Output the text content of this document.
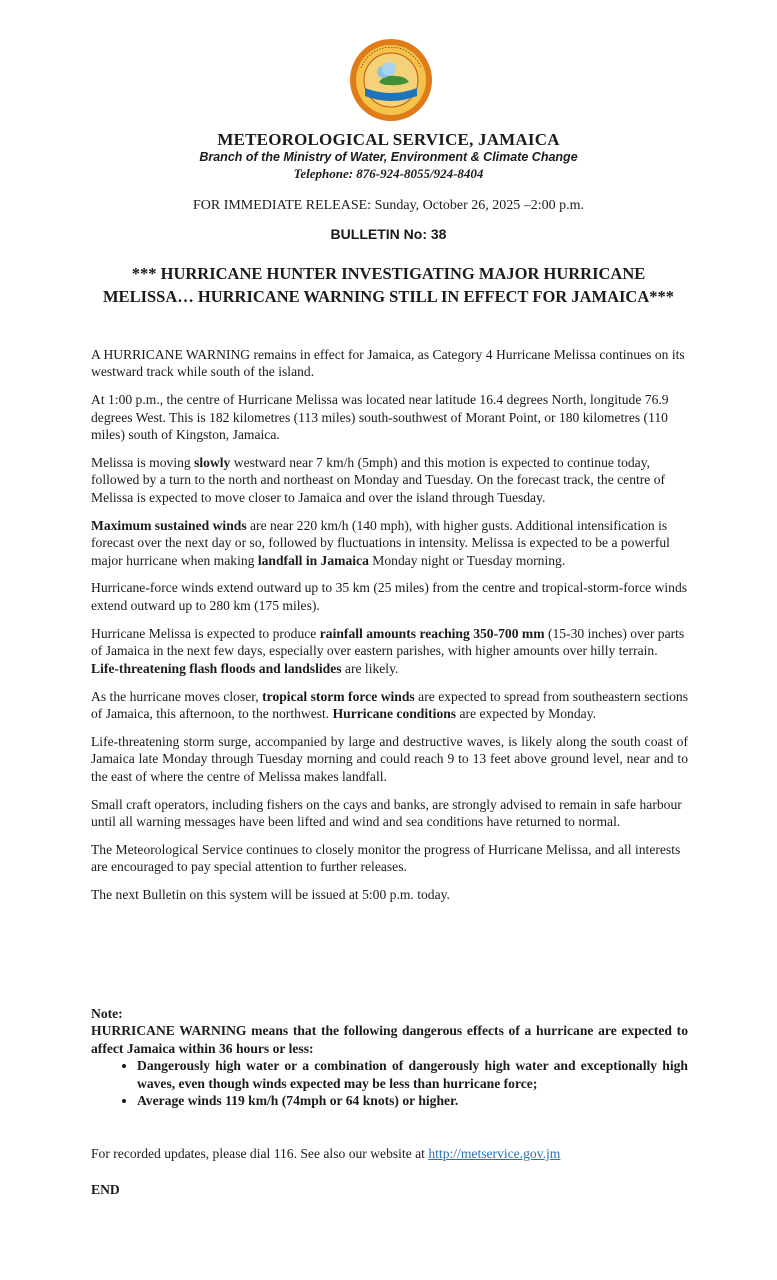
METEOROLOGICAL SERVICE, JAMAICA
Branch of the Ministry of Water, Environment & Climate Change
Telephone: 876-924-8055/924-8404
FOR IMMEDIATE RELEASE: Sunday, October 26, 2025 –2:00 p.m.
BULLETIN No: 38
*** HURRICANE HUNTER INVESTIGATING MAJOR HURRICANE MELISSA… HURRICANE WARNING STILL IN EFFECT FOR JAMAICA***

A HURRICANE WARNING remains in effect for Jamaica, as Category 4 Hurricane Melissa continues on its westward track while south of the island.

At 1:00 p.m., the centre of Hurricane Melissa was located near latitude 16.4 degrees North, longitude 76.9 degrees West. This is 182 kilometres (113 miles) south-southwest of Morant Point, or 180 kilometres (110 miles) south of Kingston, Jamaica.

Melissa is moving slowly westward near 7 km/h (5mph) and this motion is expected to continue today, followed by a turn to the north and northeast on Monday and Tuesday. On the forecast track, the centre of Melissa is expected to move closer to Jamaica and over the island through Tuesday.

Maximum sustained winds are near 220 km/h (140 mph), with higher gusts. Additional intensification is forecast over the next day or so, followed by fluctuations in intensity. Melissa is expected to be a powerful major hurricane when making landfall in Jamaica Monday night or Tuesday morning.

Hurricane-force winds extend outward up to 35 km (25 miles) from the centre and tropical-storm-force winds extend outward up to 280 km (175 miles).

Hurricane Melissa is expected to produce rainfall amounts reaching 350-700 mm (15-30 inches) over parts of Jamaica in the next few days, especially over eastern parishes, with higher amounts over hilly terrain. Life-threatening flash floods and landslides are likely.

As the hurricane moves closer, tropical storm force winds are expected to spread from southeastern sections of Jamaica, this afternoon, to the northwest. Hurricane conditions are expected by Monday.

Life-threatening storm surge, accompanied by large and destructive waves, is likely along the south coast of Jamaica late Monday through Tuesday morning and could reach 9 to 13 feet above ground level, near and to the east of where the centre of Melissa makes landfall.

Small craft operators, including fishers on the cays and banks, are strongly advised to remain in safe harbour until all warning messages have been lifted and wind and sea conditions have returned to normal.

The Meteorological Service continues to closely monitor the progress of Hurricane Melissa, and all interests are encouraged to pay special attention to further releases.

The next Bulletin on this system will be issued at 5:00 p.m. today.

Note:
HURRICANE WARNING means that the following dangerous effects of a hurricane are expected to affect Jamaica within 36 hours or less:
• Dangerously high water or a combination of dangerously high water and exceptionally high waves, even though winds expected may be less than hurricane force;
• Average winds 119 km/h (74mph or 64 knots) or higher.
For recorded updates, please dial 116. See also our website at http://metservice.gov.jm
END
